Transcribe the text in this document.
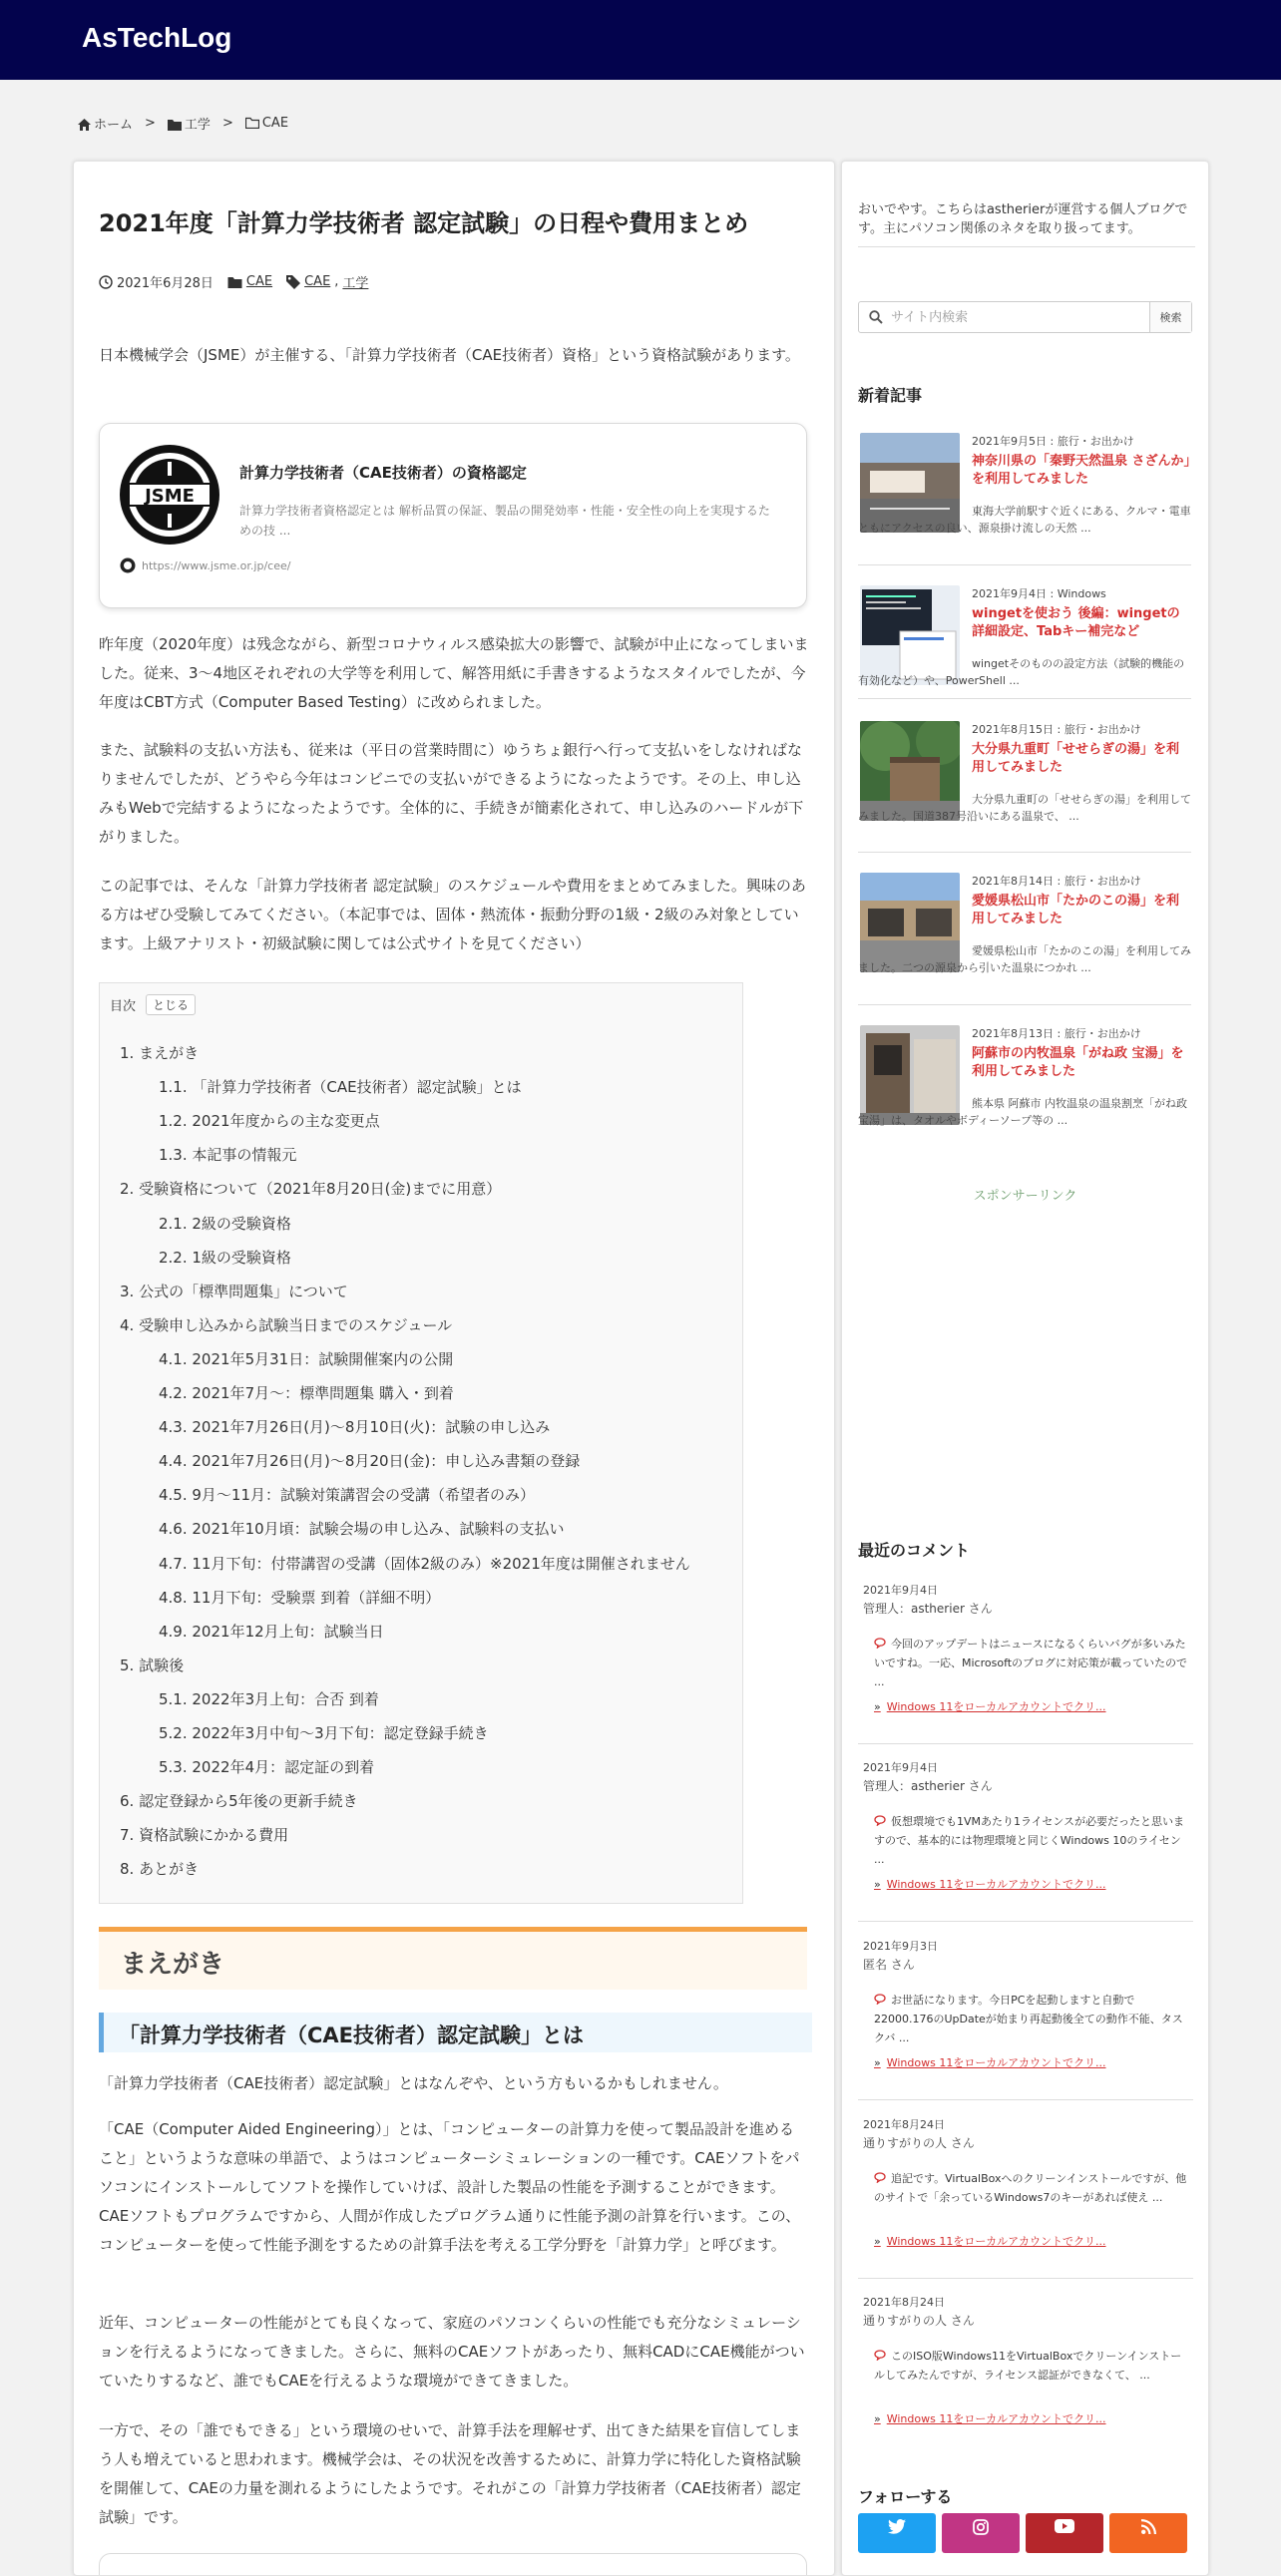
AsTechLog
ホーム >	工学 >	CAE
2021年度「計算力学技術者 認定試験」の日程や費用まとめ
2021年6月28日	CAE CAE , 工学

日本機械学会（JSME）が主催する、「計算力学技術者（CAE技術者）資格」という資格試験があります。

JSME
計算力学技術者（CAE技術者）の資格認定
計算力学技術者資格認定とは 解析品質の保証、製品の開発効率・性能・安全性の向上を実現するための技 ...
https://www.jsme.or.jp/cee/

昨年度（2020年度）は残念ながら、新型コロナウィルス感染拡大の影響で、試験が中止になってしまいました。従来、3～4地区それぞれの大学等を利用して、解答用紙に手書きするようなスタイルでしたが、今年度はCBT方式（Computer Based Testing）に改められました。

また、試験料の支払い方法も、従来は（平日の営業時間に）ゆうちょ銀行へ行って支払いをしなければなりませんでしたが、どうやら今年はコンビニでの支払いができるようになったようです。その上、申し込みもWebで完結するようになったようです。全体的に、手続きが簡素化されて、申し込みのハードルが下がりました。

この記事では、そんな「計算力学技術者 認定試験」のスケジュールや費用をまとめてみました。興味のある方はぜひ受験してみてください。（本記事では、固体・熱流体・振動分野の1級・2級のみ対象としています。上級アナリスト・初級試験に関しては公式サイトを見てください）

目次	とじる
1. まえがき
1.1. 「計算力学技術者（CAE技術者）認定試験」とは
1.2. 2021年度からの主な変更点
1.3. 本記事の情報元
2. 受験資格について（2021年8月20日(金)までに用意）
2.1. 2級の受験資格
2.2. 1級の受験資格
3. 公式の「標準問題集」について
4. 受験申し込みから試験当日までのスケジュール
4.1. 2021年5月31日：試験開催案内の公開
4.2. 2021年7月～：標準問題集 購入・到着
4.3. 2021年7月26日(月)～8月10日(火)：試験の申し込み
4.4. 2021年7月26日(月)～8月20日(金)：申し込み書類の登録
4.5. 9月～11月：試験対策講習会の受講（希望者のみ）
4.6. 2021年10月頃：試験会場の申し込み、試験料の支払い
4.7. 11月下旬：付帯講習の受講（固体2級のみ）※2021年度は開催されません
4.8. 11月下旬：受験票 到着（詳細不明）
4.9. 2021年12月上旬：試験当日
5. 試験後
5.1. 2022年3月上旬：合否 到着
5.2. 2022年3月中旬～3月下旬：認定登録手続き
5.3. 2022年4月：認定証の到着
6. 認定登録から5年後の更新手続き
7. 資格試験にかかる費用
8. あとがき
まえがき
「計算力学技術者（CAE技術者）認定試験」とは

「計算力学技術者（CAE技術者）認定試験」とはなんぞや、という方もいるかもしれません。

「CAE（Computer Aided Engineering）」とは、「コンピューターの計算力を使って製品設計を進めること」というような意味の単語で、ようはコンピューターシミュレーションの一種です。CAEソフトをパソコンにインストールしてソフトを操作していけば、設計した製品の性能を予測することができます。CAEソフトもプログラムですから、人間が作成したプログラム通りに性能予測の計算を行います。この、コンピューターを使って性能予測をするための計算手法を考える工学分野を「計算力学」と呼びます。

近年、コンピューターの性能がとても良くなって、家庭のパソコンくらいの性能でも充分なシミュレーションを行えるようになってきました。さらに、無料のCAEソフトがあったり、無料CADにCAE機能がついていたりするなど、誰でもCAEを行えるような環境ができてきました。

一方で、その「誰でもできる」という環境のせいで、計算手法を理解せず、出てきた結果を盲信してしまう人も増えていると思われます。機械学会は、その状況を改善するために、計算力学に特化した資格試験を開催して、CAEの力量を測れるようにしたようです。それがこの「計算力学技術者（CAE技術者）認定試験」です。

おいでやす。こちらはastherierが運営する個人ブログです。主にパソコン関係のネタを取り扱ってます。
サイト内検索
検索
新着記事
2021年9月5日 : 旅行・お出かけ
神奈川県の「秦野天然温泉 さざんか」を利用してみました
東海大学前駅すぐ近くにある、クルマ・電車ともにアクセスの良い、源泉掛け流しの天然 ...
2021年9月4日 : Windows
wingetを使おう 後編：wingetの詳細設定、Tabキー補完など
wingetそのものの設定方法（試験的機能の有効化など）や、PowerShell ...
2021年8月15日 : 旅行・お出かけ
大分県九重町「せせらぎの湯」を利用してみました
大分県九重町の「せせらぎの湯」を利用してみました。国道387号沿いにある温泉で、 ...
2021年8月14日 : 旅行・お出かけ
愛媛県松山市「たかのこの湯」を利用してみました
愛媛県松山市「たかのこの湯」を利用してみました。二つの源泉から引いた温泉につかれ ...
2021年8月13日 : 旅行・お出かけ
阿蘇市の内牧温泉「がね政 宝湯」を利用してみました
熊本県 阿蘇市 内牧温泉の温泉割烹「がね政 宝湯」は、タオルやボディーソープ等の ...
スポンサーリンク
最近のコメント
2021年9月4日
管理人：astherier さん
今回のアップデートはニュースになるくらいバグが多いみたいですね。一応、Microsoftのブログに対応策が載っていたので ...
» Windows 11をローカルアカウントでクリ...
2021年9月4日
管理人：astherier さん
仮想環境でも1VMあたり1ライセンスが必要だったと思いますので、基本的には物理環境と同じくWindows 10のライセン ...
» Windows 11をローカルアカウントでクリ...
2021年9月3日
匿名 さん
お世話になります。今日PCを起動しますと自動で22000.176のUpDateが始まり再起動後全ての動作不能、タスクバ ...
» Windows 11をローカルアカウントでクリ...
2021年8月24日
通りすがりの人 さん
追記です。VirtualBoxへのクリーンインストールですが、他のサイトで「余っているWindows7のキーがあれば使え ...
» Windows 11をローカルアカウントでクリ...
2021年8月24日
通りすがりの人 さん
このISO版Windows11をVirtualBoxでクリーンインストールしてみたんですが、ライセンス認証ができなくて、 ...
» Windows 11をローカルアカウントでクリ...
フォローする
